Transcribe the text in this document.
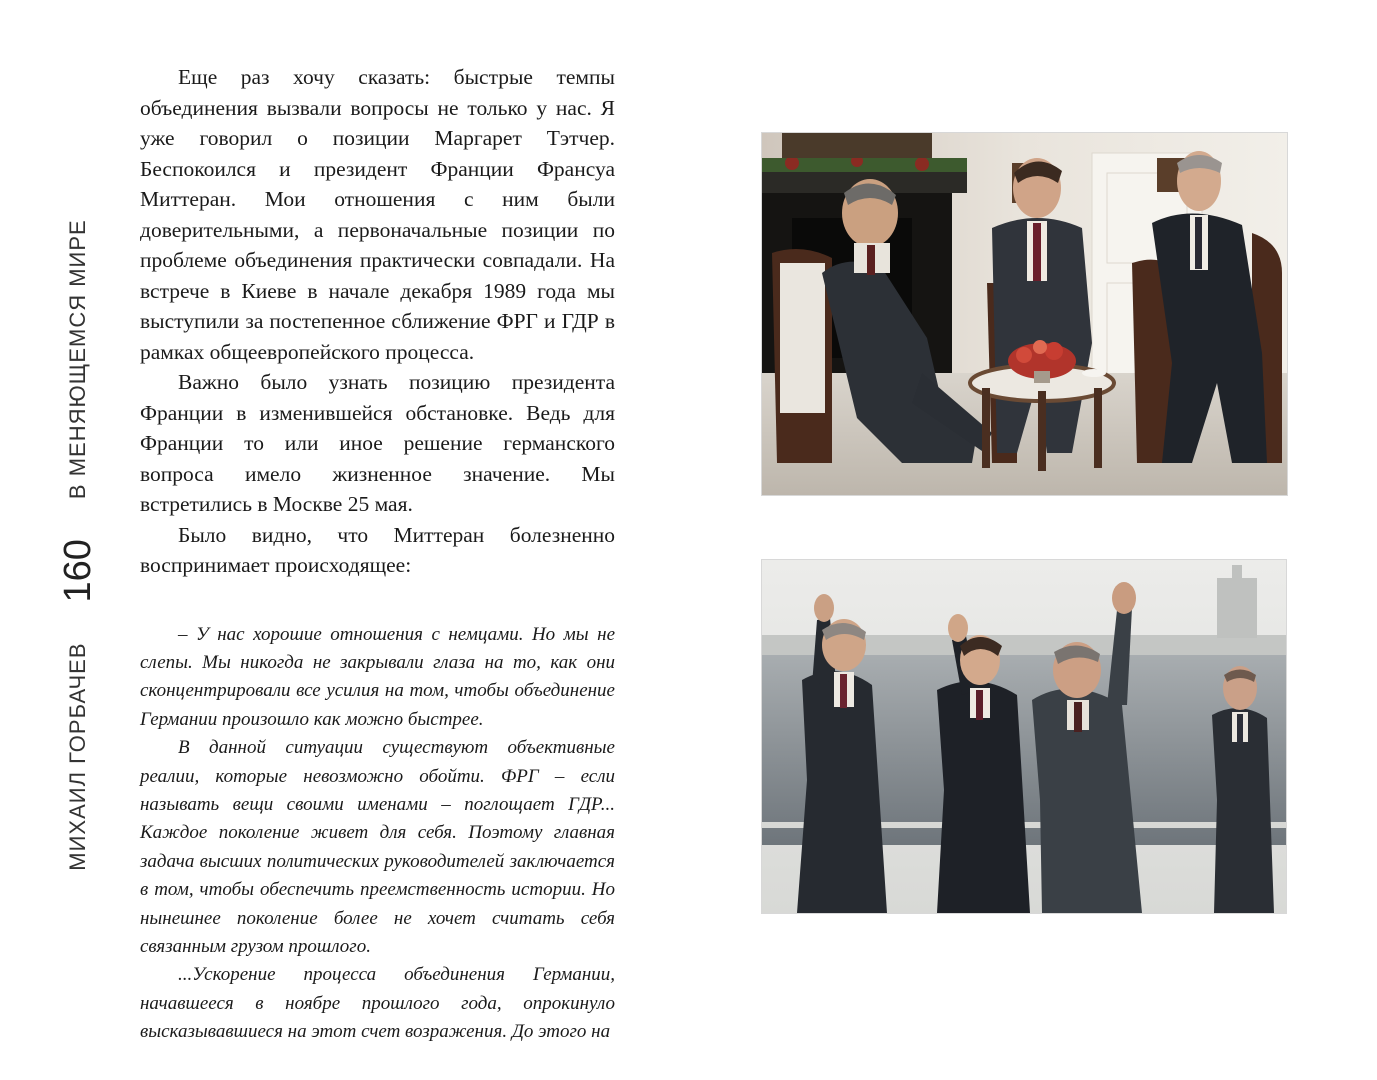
МИХАИЛ ГОРБАЧЕВ
160
В МЕНЯЮЩЕМСЯ МИРЕ

Еще раз хочу сказать: быстрые темпы объединения вызвали вопросы не только у нас. Я уже говорил о позиции Маргарет Тэтчер. Беспокоился и президент Франции Франсуа Миттеран. Мои отношения с ним были доверительными, а первоначальные позиции по проблеме объединения практически совпадали. На встрече в Киеве в начале декабря 1989 года мы выступили за постепенное сближение ФРГ и ГДР в рамках общеевропейского процесса.

Важно было узнать позицию президента Франции в изменившейся обстановке. Ведь для Франции то или иное решение германского вопроса имело жизненное значение. Мы встретились в Москве 25 мая.

Было видно, что Миттеран болезненно воспринимает происходящее:

– У нас хорошие отношения с немцами. Но мы не слепы. Мы никогда не закрывали глаза на то, как они сконцентрировали все усилия на том, чтобы объединение Германии произошло как можно быстрее.

В данной ситуации существуют объективные реалии, которые невозможно обойти. ФРГ – если называть вещи своими именами – поглощает ГДР... Каждое поколение живет для себя. Поэтому главная задача высших политических руководителей заключается в том, чтобы обеспечить преемственность истории. Но нынешнее поколение более не хочет считать себя связанным грузом прошлого.

...Ускорение процесса объединения Германии, начавшееся в ноябре прошлого года, опрокинуло высказывавшиеся на этот счет возражения. До этого на
